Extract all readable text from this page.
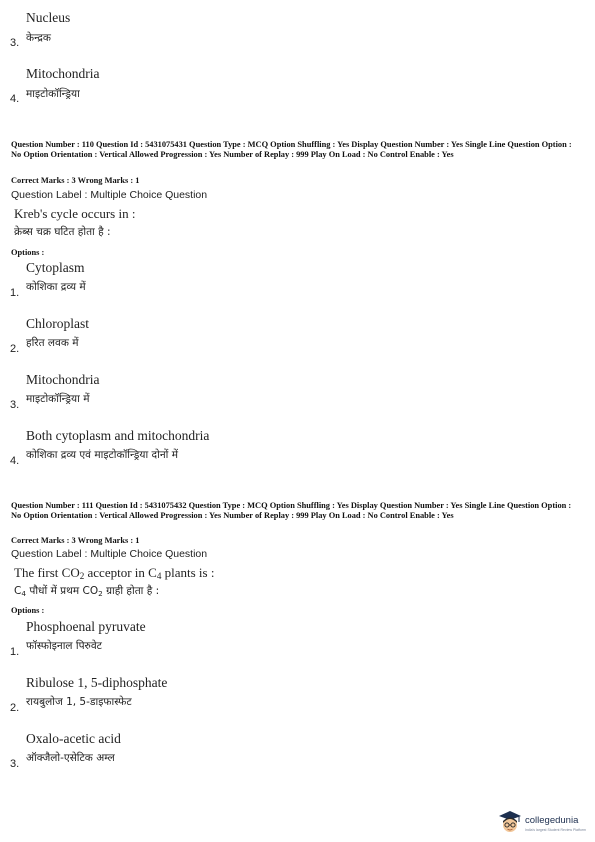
Nucleus
केन्द्रक
3.
Mitochondria
माइटोकॉन्ड्रिया
4.
Question Number : 110 Question Id : 5431075431 Question Type : MCQ Option Shuffling : Yes Display Question Number : Yes Single Line Question Option : No Option Orientation : Vertical Allowed Progression : Yes Number of Replay : 999 Play On Load : No Control Enable : Yes
Correct Marks : 3 Wrong Marks : 1
Question Label : Multiple Choice Question
Kreb's cycle occurs in :
क्रेब्स चक्र घटित होता है :
Options :
Cytoplasm
कोशिका द्रव्य में
1.
Chloroplast
हरित लवक में
2.
Mitochondria
माइटोकॉन्ड्रिया में
3.
Both cytoplasm and mitochondria
कोशिका द्रव्य एवं माइटोकॉन्ड्रिया दोनों में
4.
Question Number : 111 Question Id : 5431075432 Question Type : MCQ Option Shuffling : Yes Display Question Number : Yes Single Line Question Option : No Option Orientation : Vertical Allowed Progression : Yes Number of Replay : 999 Play On Load : No Control Enable : Yes
Correct Marks : 3 Wrong Marks : 1
Question Label : Multiple Choice Question
The first $CO_2$ acceptor in $C_4$ plants is :
$C_4$ पौधों में प्रथम $CO_2$ ग्राही होता है :
Options :
Phosphoenal pyruvate
फॉस्फोइनाल पिरुवेट
1.
Ribulose 1, 5-diphosphate
रायबुलोज 1, 5-डाइफास्फेट
2.
Oxalo-acetic acid
ऑक्जैलो-एसेटिक अम्ल
3.
collegedunia
India's largest Student Review Platform
